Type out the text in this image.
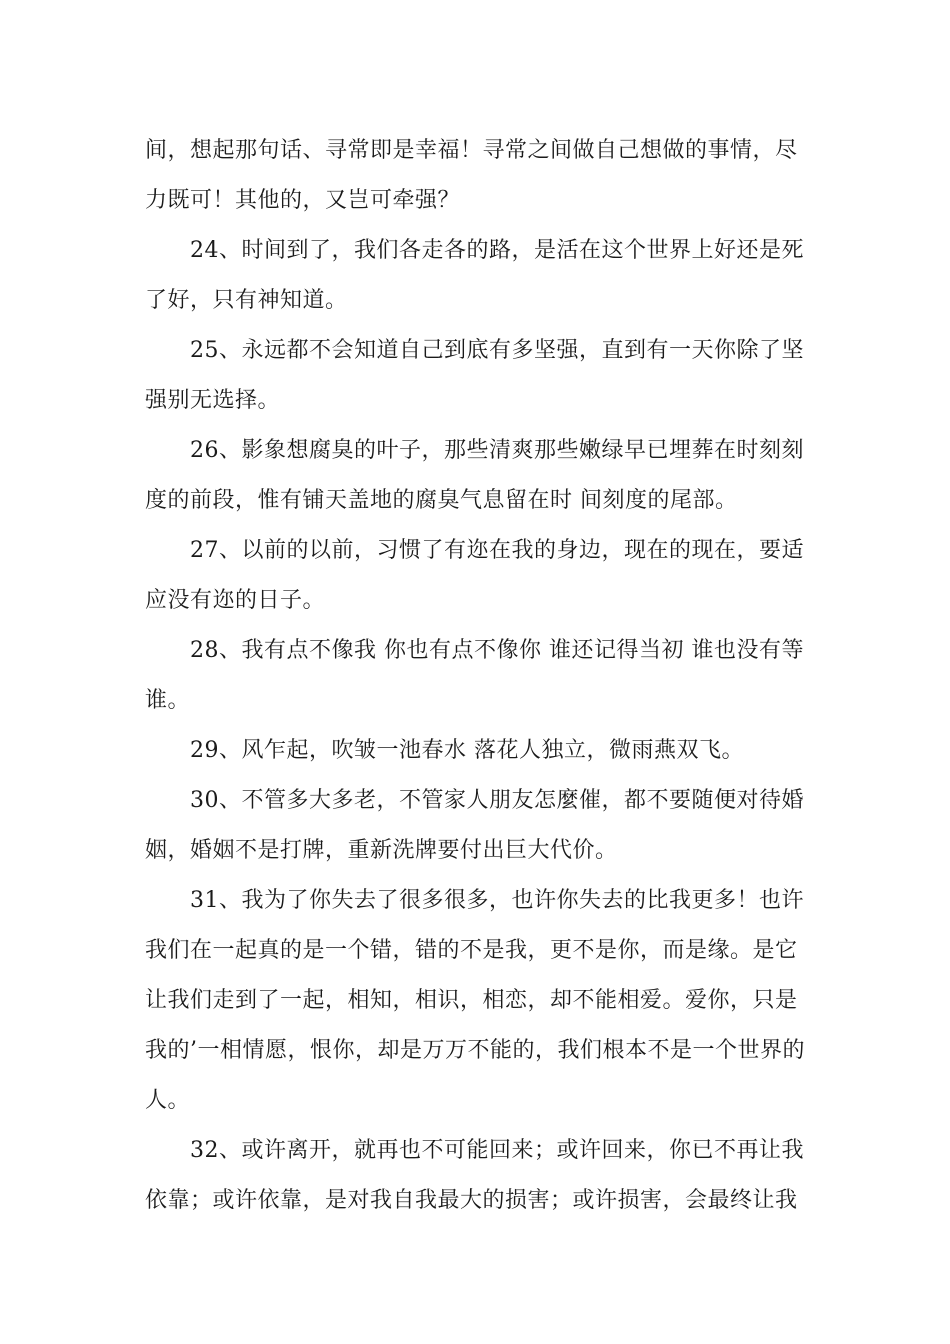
间，想起那句话、寻常即是幸福！寻常之间做自己想做的事情，尽

力既可！其他的，又岂可牵强？

24、时间到了，我们各走各的路，是活在这个世界上好还是死

了好，只有神知道。

25、永远都不会知道自己到底有多坚强，直到有一天你除了坚

强别无选择。

26、影象想腐臭的叶子，那些清爽那些嫩绿早已埋葬在时刻刻

度的前段，惟有铺天盖地的腐臭气息留在时 间刻度的尾部。

27、以前的以前，习惯了有迩在我的身边，现在的现在，要适

应没有迩的日子。

28、我有点不像我 你也有点不像你 谁还记得当初 谁也没有等

谁。

29、风乍起，吹皱一池春水 落花人独立，微雨燕双飞。

30、不管多大多老，不管家人朋友怎麼催，都不要随便对待婚

姻，婚姻不是打牌，重新洗牌要付出巨大代价。

31、我为了你失去了很多很多，也许你失去的比我更多！也许

我们在一起真的是一个错，错的不是我，更不是你，而是缘。是它

让我们走到了一起，相知，相识，相恋，却不能相爱。爱你，只是

我的’一相情愿，恨你，却是万万不能的，我们根本不是一个世界的

人。

32、或许离开，就再也不可能回来；或许回来，你已不再让我

依靠；或许依靠，是对我自我最大的损害；或许损害，会最终让我
